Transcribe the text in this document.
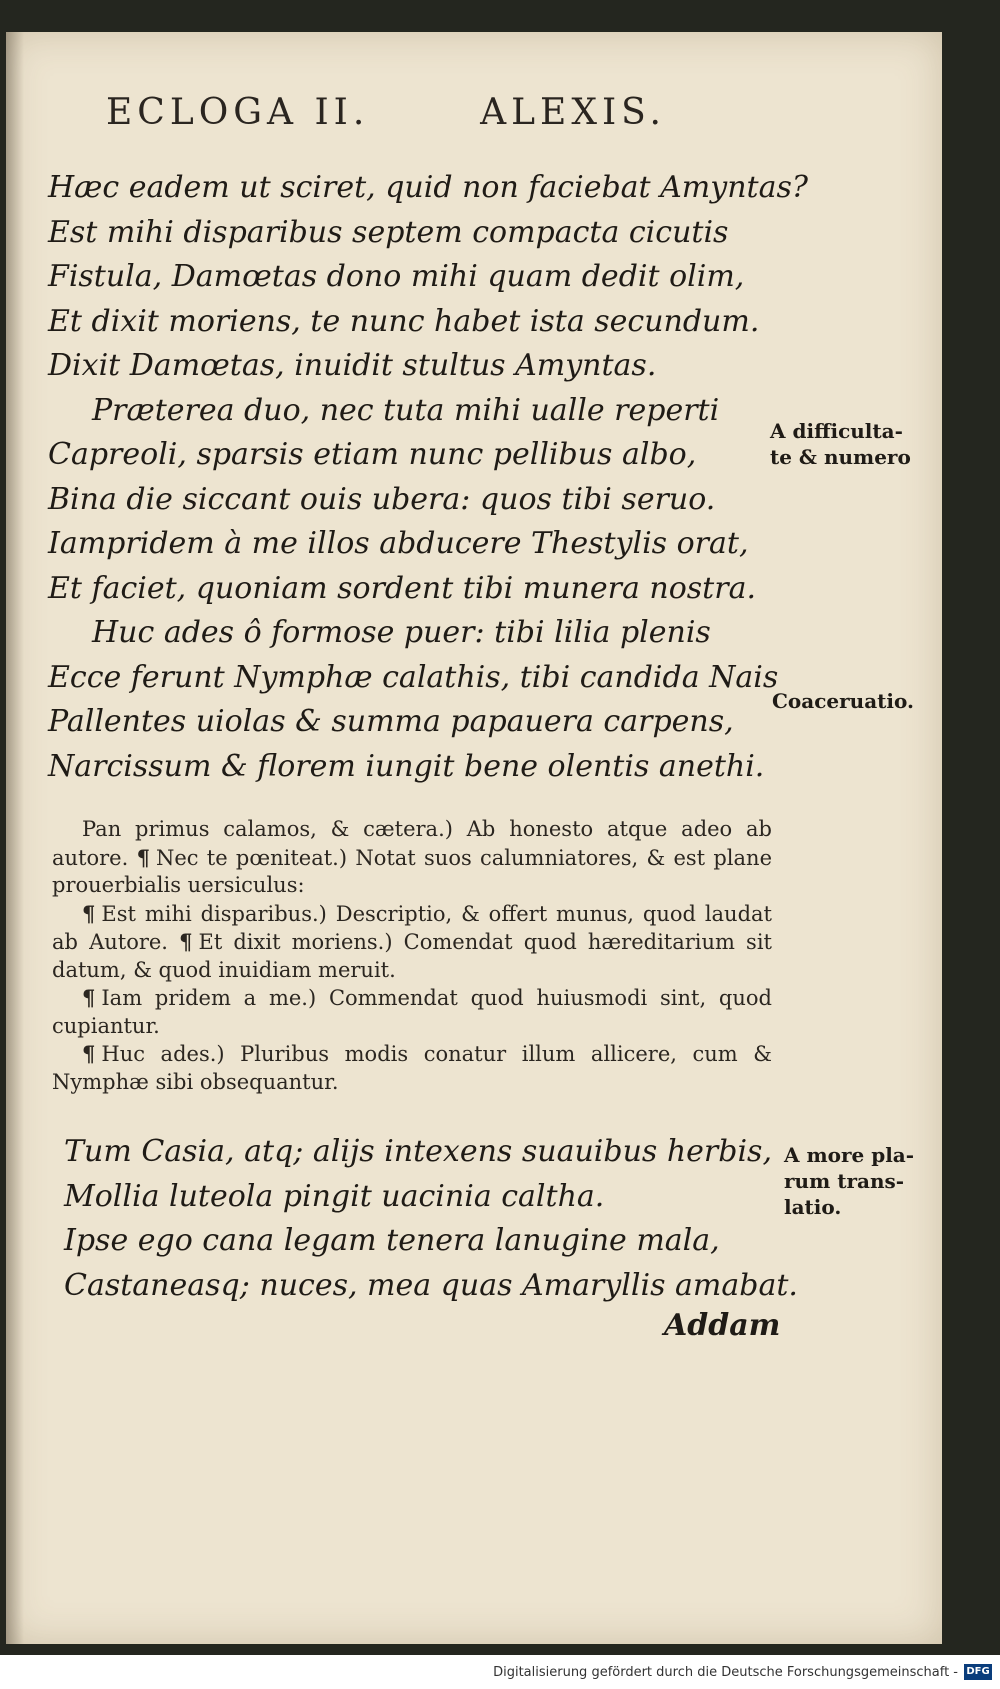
ECLOGA II.	ALEXIS.
Hæc eadem ut sciret, quid non faciebat Amyntas?
Est mihi disparibus septem compacta cicutis
Fistula, Damœtas dono mihi quam dedit olim,
Et dixit moriens, te nunc habet ista secundum.
Dixit Damœtas, inuidit stultus Amyntas.
Præterea duo, nec tuta mihi ualle reperti
Capreoli, sparsis etiam nunc pellibus albo,
Bina die siccant ouis ubera: quos tibi seruo.
Iampridem à me illos abducere Thestylis orat,
Et faciet, quoniam sordent tibi munera nostra.
Huc ades ô formose puer: tibi lilia plenis
Ecce ferunt Nymphæ calathis, tibi candida Nais
Pallentes uiolas & summa papauera carpens,
Narcissum & florem iungit bene olentis anethi.
A difficulta-
te & numero
Coaceruatio.

Pan primus calamos, & cætera.) Ab honesto atque adeo ab autore. ¶ Nec te pœniteat.) Notat suos calumniatores, & est plane prouerbialis uersiculus:

¶ Est mihi disparibus.) Descriptio, & offert munus, quod laudat ab Autore. ¶ Et dixit moriens.) Comendat quod hæreditarium sit datum, & quod inuidiam meruit.

¶ Iam pridem a me.) Commendat quod huiusmodi sint, quod cupiantur.

¶ Huc ades.) Pluribus modis conatur illum allicere, cum & Nymphæ sibi obsequantur.

Tum Casia, atq; alijs intexens suauibus herbis,
Mollia luteola pingit uacinia caltha.
Ipse ego cana legam tenera lanugine mala,
Castaneasq; nuces, mea quas Amaryllis amabat.
A more pla-
rum trans-
latio.
Addam
Digitalisierung gefördert durch die Deutsche Forschungsgemeinschaft - DFG
